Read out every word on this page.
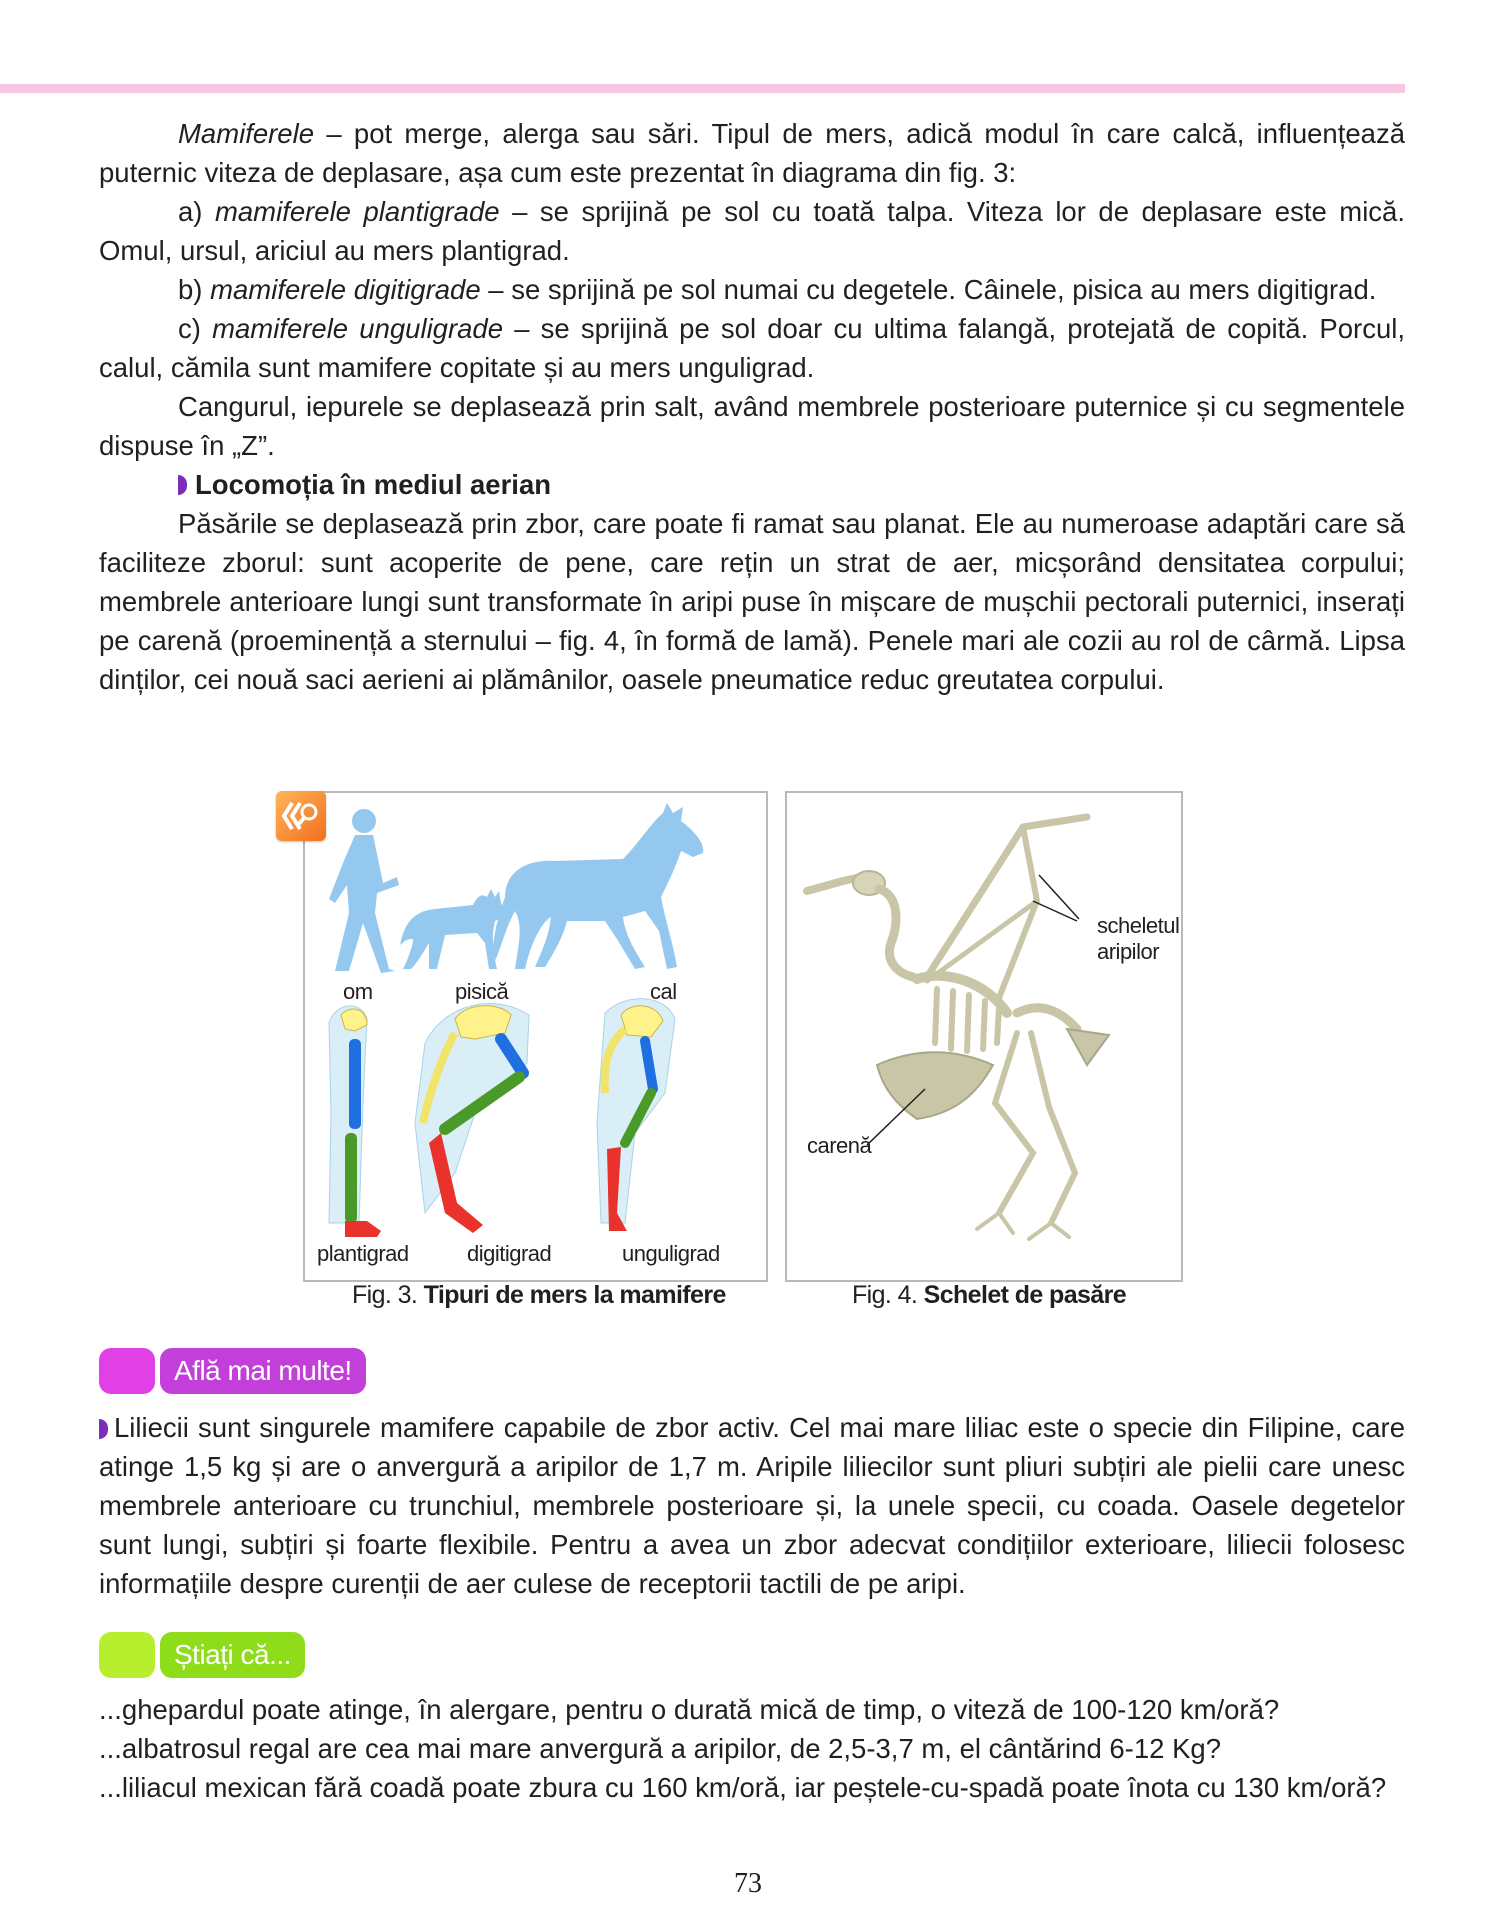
Mamiferele – pot merge, alerga sau sări. Tipul de mers, adică modul în care calcă, influențează puternic viteza de deplasare, așa cum este prezentat în diagrama din fig. 3:

a) mamiferele plantigrade – se sprijină pe sol cu toată talpa. Viteza lor de deplasare este mică. Omul, ursul, ariciul au mers plantigrad.

b) mamiferele digitigrade – se sprijină pe sol numai cu degetele. Câinele, pisica au mers digitigrad.

c) mamiferele unguligrade – se sprijină pe sol doar cu ultima falangă, protejată de copită. Porcul, calul, cămila sunt mamifere copitate și au mers unguligrad.

Cangurul, iepurele se deplasează prin salt, având membrele posterioare puternice și cu segmentele dispuse în „Z”.

Locomoția în mediul aerian

Păsările se deplasează prin zbor, care poate fi ramat sau planat. Ele au numeroase adaptări care să faciliteze zborul: sunt acoperite de pene, care rețin un strat de aer, micșorând densitatea corpului; membrele anterioare lungi sunt transformate în aripi puse în mișcare de mușchii pectorali puternici, inserați pe carenă (proeminență a sternului – fig. 4, în formă de lamă). Penele mari ale cozii au rol de cârmă. Lipsa dinților, cei nouă saci aerieni ai plămânilor, oasele pneumatice reduc greutatea corpului.

om	pisică	cal
plantigrad	digitigrad	unguligrad
Fig. 3. Tipuri de mers la mamifere
scheletul
aripilor
carenă
Fig. 4. Schelet de pasăre
Află mai multe!

Liliecii sunt singurele mamifere capabile de zbor activ. Cel mai mare liliac este o specie din Filipine, care atinge 1,5 kg și are o anvergură a aripilor de 1,7 m. Aripile liliecilor sunt pliuri subțiri ale pielii care unesc membrele anterioare cu trunchiul, membrele posterioare și, la unele specii, cu coada. Oasele degetelor sunt lungi, subțiri și foarte flexibile. Pentru a avea un zbor adecvat condițiilor exterioare, liliecii folosesc informațiile despre curenții de aer culese de receptorii tactili de pe aripi.

Știați că...

...ghepardul poate atinge, în alergare, pentru o durată mică de timp, o viteză de 100-120 km/oră?

...albatrosul regal are cea mai mare anvergură a aripilor, de 2,5-3,7 m, el cântărind 6-12 Kg?

...liliacul mexican fără coadă poate zbura cu 160 km/oră, iar peștele-cu-spadă poate înota cu 130 km/oră?

73
